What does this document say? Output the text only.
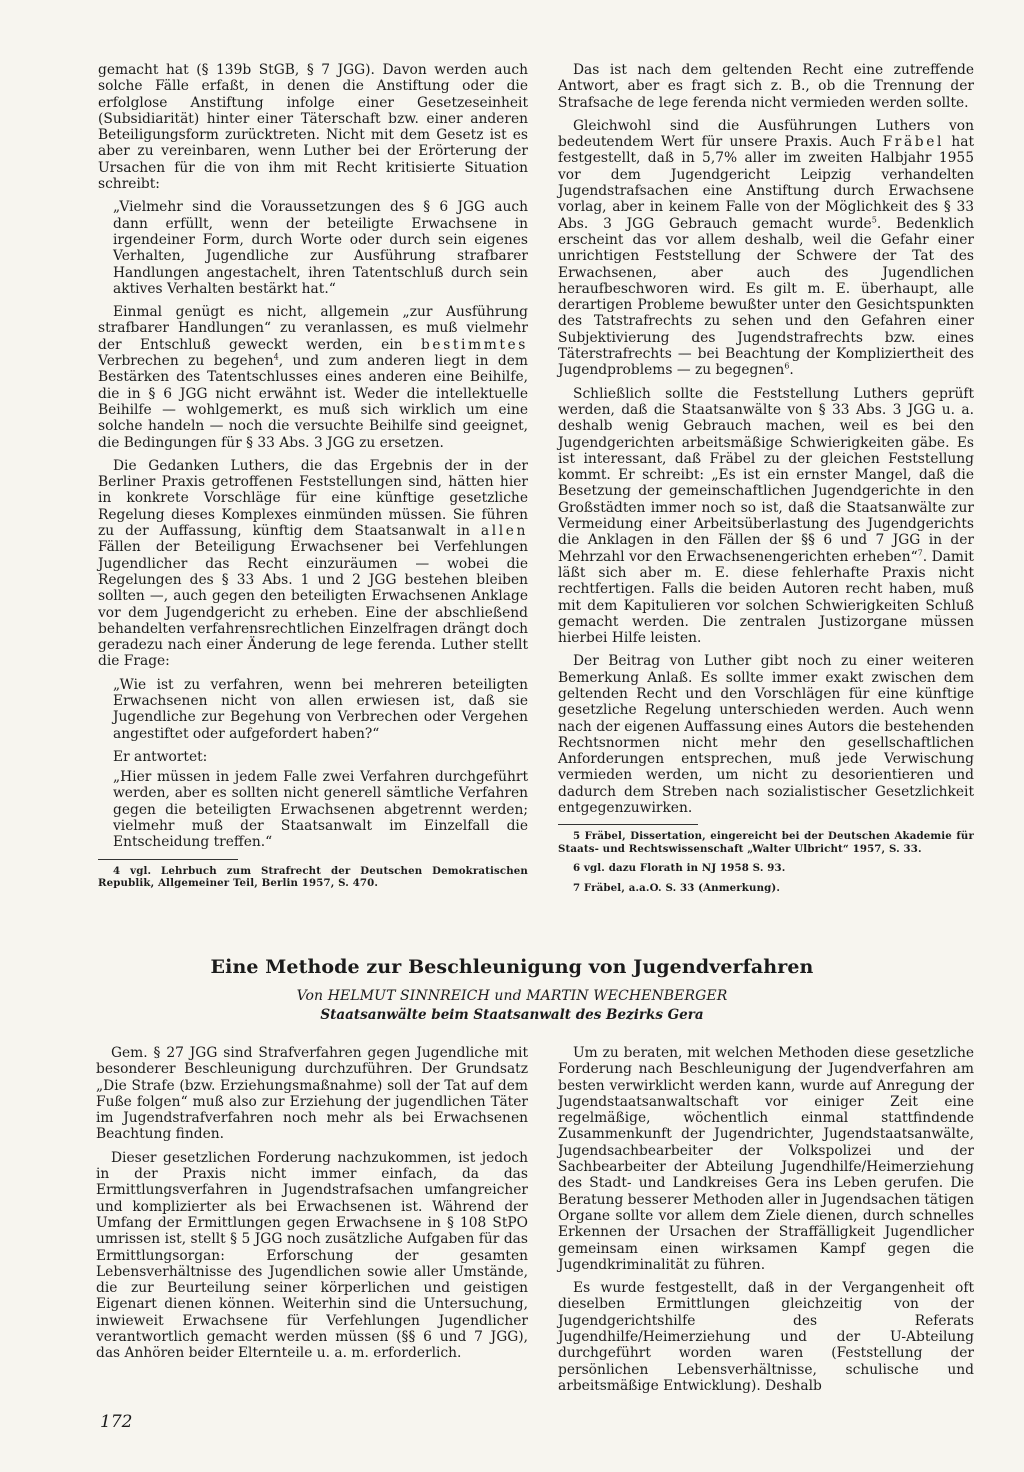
gemacht hat (§ 139b StGB, § 7 JGG). Davon werden auch solche Fälle erfaßt, in denen die Anstiftung oder die erfolglose Anstiftung infolge einer Gesetzeseinheit (Subsidiarität) hinter einer Täterschaft bzw. einer anderen Beteiligungsform zurücktreten. Nicht mit dem Gesetz ist es aber zu vereinbaren, wenn Luther bei der Erörterung der Ursachen für die von ihm mit Recht kritisierte Situation schreibt:

„Vielmehr sind die Voraussetzungen des § 6 JGG auch dann erfüllt, wenn der beteiligte Erwachsene in irgendeiner Form, durch Worte oder durch sein eigenes Verhalten, Jugendliche zur Ausführung strafbarer Handlungen angestachelt, ihren Tatentschluß durch sein aktives Verhalten bestärkt hat.“

Einmal genügt es nicht, allgemein „zur Ausführung strafbarer Handlungen“ zu veranlassen, es muß vielmehr der Entschluß geweckt werden, ein bestimmtes Verbrechen zu begehen$^4$, und zum anderen liegt in dem Bestärken des Tatentschlusses eines anderen eine Beihilfe, die in § 6 JGG nicht erwähnt ist. Weder die intellektuelle Beihilfe — wohlgemerkt, es muß sich wirklich um eine solche handeln — noch die versuchte Beihilfe sind geeignet, die Bedingungen für § 33 Abs. 3 JGG zu ersetzen.

Die Gedanken Luthers, die das Ergebnis der in der Berliner Praxis getroffenen Feststellungen sind, hätten hier in konkrete Vorschläge für eine künftige gesetzliche Regelung dieses Komplexes einmünden müssen. Sie führen zu der Auffassung, künftig dem Staatsanwalt in allen Fällen der Beteiligung Erwachsener bei Verfehlungen Jugendlicher das Recht einzuräumen — wobei die Regelungen des § 33 Abs. 1 und 2 JGG bestehen bleiben sollten —, auch gegen den beteiligten Erwachsenen Anklage vor dem Jugendgericht zu erheben. Eine der abschließend behandelten verfahrensrechtlichen Einzelfragen drängt doch geradezu nach einer Änderung de lege ferenda. Luther stellt die Frage:

„Wie ist zu verfahren, wenn bei mehreren beteiligten Erwachsenen nicht von allen erwiesen ist, daß sie Jugendliche zur Begehung von Verbrechen oder Vergehen angestiftet oder aufgefordert haben?“

Er antwortet:

„Hier müssen in jedem Falle zwei Verfahren durchgeführt werden, aber es sollten nicht generell sämtliche Verfahren gegen die beteiligten Erwachsenen abgetrennt werden; vielmehr muß der Staatsanwalt im Einzelfall die Entscheidung treffen.“

4 vgl. Lehrbuch zum Strafrecht der Deutschen Demokratischen Republik, Allgemeiner Teil, Berlin 1957, S. 470.

Das ist nach dem geltenden Recht eine zutreffende Antwort, aber es fragt sich z. B., ob die Trennung der Strafsache de lege ferenda nicht vermieden werden sollte.

Gleichwohl sind die Ausführungen Luthers von bedeutendem Wert für unsere Praxis. Auch Fräbel hat festgestellt, daß in 5,7% aller im zweiten Halbjahr 1955 vor dem Jugendgericht Leipzig verhandelten Jugendstrafsachen eine Anstiftung durch Erwachsene vorlag, aber in keinem Falle von der Möglichkeit des § 33 Abs. 3 JGG Gebrauch gemacht wurde$^5$. Bedenklich erscheint das vor allem deshalb, weil die Gefahr einer unrichtigen Feststellung der Schwere der Tat des Erwachsenen, aber auch des Jugendlichen heraufbeschworen wird. Es gilt m. E. überhaupt, alle derartigen Probleme bewußter unter den Gesichtspunkten des Tatstrafrechts zu sehen und den Gefahren einer Subjektivierung des Jugendstrafrechts bzw. eines Täterstrafrechts — bei Beachtung der Kompliziertheit des Jugendproblems — zu begegnen$^6$.

Schließlich sollte die Feststellung Luthers geprüft werden, daß die Staatsanwälte von § 33 Abs. 3 JGG u. a. deshalb wenig Gebrauch machen, weil es bei den Jugendgerichten arbeitsmäßige Schwierigkeiten gäbe. Es ist interessant, daß Fräbel zu der gleichen Feststellung kommt. Er schreibt: „Es ist ein ernster Mangel, daß die Besetzung der gemeinschaftlichen Jugendgerichte in den Großstädten immer noch so ist, daß die Staatsanwälte zur Vermeidung einer Arbeitsüberlastung des Jugendgerichts die Anklagen in den Fällen der §§ 6 und 7 JGG in der Mehrzahl vor den Erwachsenengerichten erheben“$^7$. Damit läßt sich aber m. E. diese fehlerhafte Praxis nicht rechtfertigen. Falls die beiden Autoren recht haben, muß mit dem Kapitulieren vor solchen Schwierigkeiten Schluß gemacht werden. Die zentralen Justizorgane müssen hierbei Hilfe leisten.

Der Beitrag von Luther gibt noch zu einer weiteren Bemerkung Anlaß. Es sollte immer exakt zwischen dem geltenden Recht und den Vorschlägen für eine künftige gesetzliche Regelung unterschieden werden. Auch wenn nach der eigenen Auffassung eines Autors die bestehenden Rechtsnormen nicht mehr den gesellschaftlichen Anforderungen entsprechen, muß jede Verwischung vermieden werden, um nicht zu desorientieren und dadurch dem Streben nach sozialistischer Gesetzlichkeit entgegenzuwirken.

5 Fräbel, Dissertation, eingereicht bei der Deutschen Akademie für Staats- und Rechtswissenschaft „Walter Ulbricht“ 1957, S. 33.

6 vgl. dazu Florath in NJ 1958 S. 93.

7 Fräbel, a.a.O. S. 33 (Anmerkung).

Eine Methode zur Beschleunigung von Jugendverfahren
Von HELMUT SINNREICH und MARTIN WECHENBERGER
Staatsanwälte beim Staatsanwalt des Bezirks Gera

Gem. § 27 JGG sind Strafverfahren gegen Jugendliche mit besonderer Beschleunigung durchzuführen. Der Grundsatz „Die Strafe (bzw. Erziehungsmaßnahme) soll der Tat auf dem Fuße folgen“ muß also zur Erziehung der jugendlichen Täter im Jugendstrafverfahren noch mehr als bei Erwachsenen Beachtung finden.

Dieser gesetzlichen Forderung nachzukommen, ist jedoch in der Praxis nicht immer einfach, da das Ermittlungsverfahren in Jugendstrafsachen umfangreicher und komplizierter als bei Erwachsenen ist. Während der Umfang der Ermittlungen gegen Erwachsene in § 108 StPO umrissen ist, stellt § 5 JGG noch zusätzliche Aufgaben für das Ermittlungsorgan: Erforschung der gesamten Lebensverhältnisse des Jugendlichen sowie aller Umstände, die zur Beurteilung seiner körperlichen und geistigen Eigenart dienen können. Weiterhin sind die Untersuchung, inwieweit Erwachsene für Verfehlungen Jugendlicher verantwortlich gemacht werden müssen (§§ 6 und 7 JGG), das Anhören beider Elternteile u. a. m. erforderlich.

Um zu beraten, mit welchen Methoden diese gesetzliche Forderung nach Beschleunigung der Jugendverfahren am besten verwirklicht werden kann, wurde auf Anregung der Jugendstaatsanwaltschaft vor einiger Zeit eine regelmäßige, wöchentlich einmal stattfindende Zusammenkunft der Jugendrichter, Jugendstaatsanwälte, Jugendsachbearbeiter der Volkspolizei und der Sachbearbeiter der Abteilung Jugendhilfe/Heimerziehung des Stadt- und Landkreises Gera ins Leben gerufen. Die Beratung besserer Methoden aller in Jugendsachen tätigen Organe sollte vor allem dem Ziele dienen, durch schnelles Erkennen der Ursachen der Straffälligkeit Jugendlicher gemeinsam einen wirksamen Kampf gegen die Jugendkriminalität zu führen.

Es wurde festgestellt, daß in der Vergangenheit oft dieselben Ermittlungen gleichzeitig von der Jugendgerichtshilfe des Referats Jugendhilfe/Heimerziehung und der U-Abteilung durchgeführt worden waren (Feststellung der persönlichen Lebensverhältnisse, schulische und arbeitsmäßige Entwicklung). Deshalb

172
